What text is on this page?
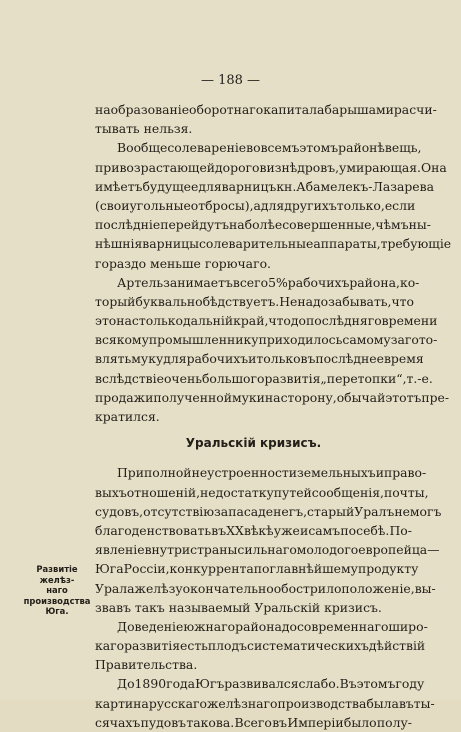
— 188 —
на образованіе оборотнаго капитала барышами расчи-
тывать нельзя.
Вообще солевареніе во всемъ этомъ районѣ вещь,
при возрастающей дороговизнѣ дровъ, умирающая. Она
имѣетъ будущее для варницъ кн. Абамелекъ-Лазарева
(свои угольные отбросы), а для другихъ только, если
послѣдніе перейдутъ на болѣе совершенные, чѣмъ ны-
нѣшнія варницы солеварительные аппараты, требующіе
гораздо меньше горючаго.
Артель занимаетъ всего 5% рабочихъ района, ко-
торый буквально бѣдствуетъ. Не надо забывать, что
это настолько дальній край, что до послѣдняго времени
всякому промышленнику приходилось самому загото-
влять муку для рабочихъ и только въ послѣднее время
вслѣдствіе очень большого развитія „перетопки“, т.-е.
продажи полученной муки на сторону, обычай этотъ пре-
кратился.
Уральскій кризисъ.
При полной неустроенности земельныхъ и право-
выхъ отношеній, недостатку путей сообщенія, почты,
судовъ, отсутствію запаса денегъ, старый Уралъ не могъ
благоденствовать въ XX вѣкѣ уже и самъ по себѣ. По-
явленіе внутри страны сильнаго молодого европейца—
Юга Россіи, конкуррента по главнѣйшему продукту
Урала желѣзу окончательно обострило положеніе, вы-
звавъ такъ называемый Уральскій кризисъ.
Доведеніе южнаго района до современнаго широ-
каго развитія есть плодъ систематическихъ дѣйствій
Правительства.
До 1890 года Югъ развивался слабо. Въ этомъ году
картина русскаго желѣзнаго производства была въ ты-
сячахъ пудовъ такова. Всего въ Имперіи было полу-
Развитіе желѣз-
наго производства
Юга.
